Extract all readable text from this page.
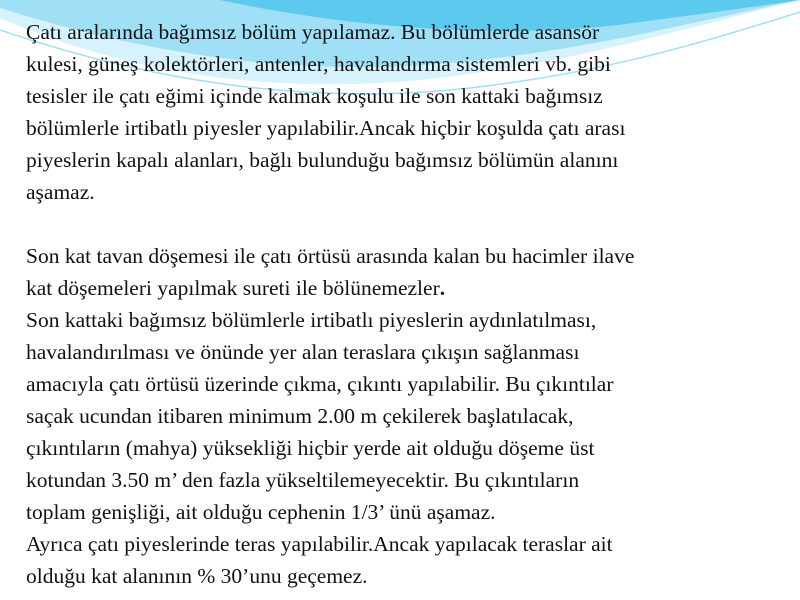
Çatı aralarında bağımsız bölüm yapılamaz. Bu bölümlerde asansör
kulesi, güneş kolektörleri, antenler, havalandırma sistemleri vb. gibi
tesisler ile çatı eğimi içinde kalmak koşulu ile son kattaki bağımsız
bölümlerle irtibatlı piyesler yapılabilir.Ancak hiçbir koşulda çatı arası
piyeslerin kapalı alanları, bağlı bulunduğu bağımsız bölümün alanını
aşamaz.
Son kat tavan döşemesi ile çatı örtüsü arasında kalan bu hacimler ilave
kat döşemeleri yapılmak sureti ile bölünemezler.
Son kattaki bağımsız bölümlerle irtibatlı piyeslerin aydınlatılması,
havalandırılması ve önünde yer alan teraslara çıkışın sağlanması
amacıyla çatı örtüsü üzerinde çıkma, çıkıntı yapılabilir. Bu çıkıntılar
saçak ucundan itibaren minimum 2.00 m çekilerek başlatılacak,
çıkıntıların (mahya) yüksekliği hiçbir yerde ait olduğu döşeme üst
kotundan 3.50 m’ den fazla yükseltilemeyecektir. Bu çıkıntıların
toplam genişliği, ait olduğu cephenin 1/3’ ünü aşamaz.
Ayrıca çatı piyeslerinde teras yapılabilir.Ancak yapılacak teraslar ait
olduğu kat alanının % 30’unu geçemez.
